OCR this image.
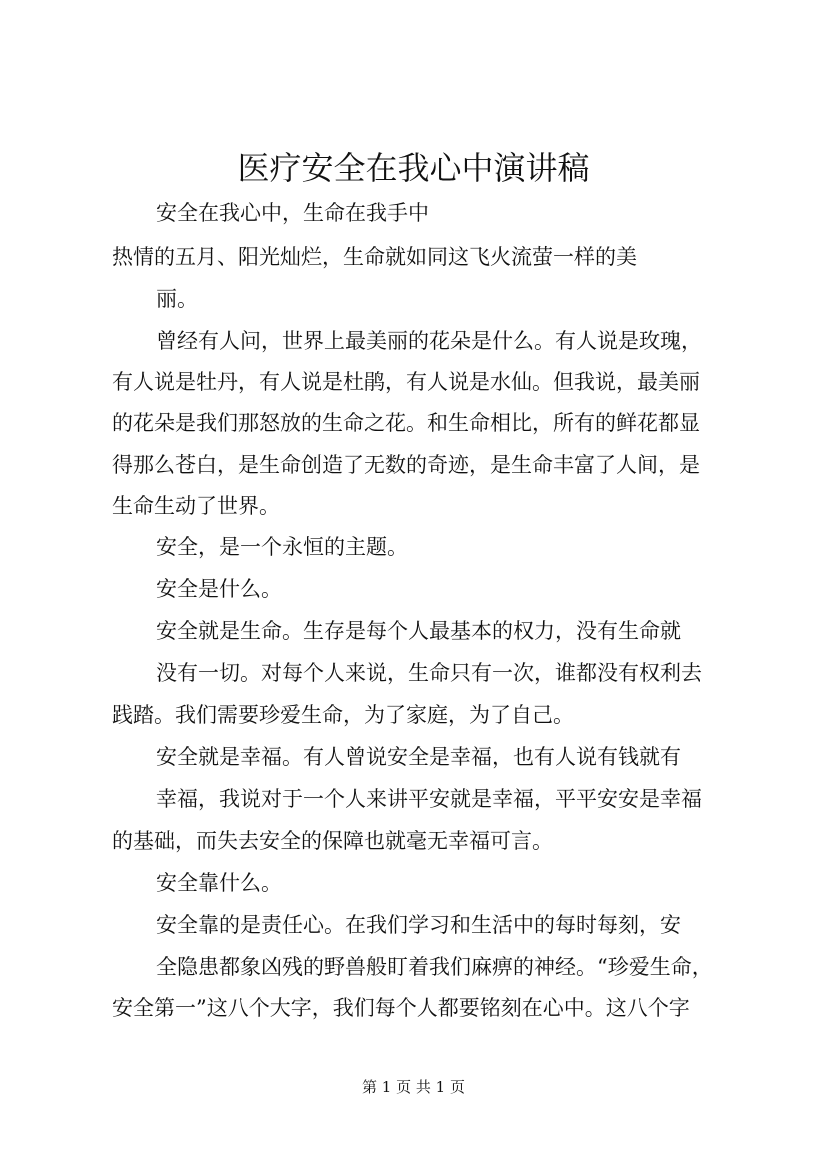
医疗安全在我心中演讲稿

安全在我心中，生命在我手中

热情的五月、阳光灿烂，生命就如同这飞火流萤一样的美

丽。

曾经有人问，世界上最美丽的花朵是什么。有人说是玫瑰，

有人说是牡丹，有人说是杜鹃，有人说是水仙。但我说，最美丽

的花朵是我们那怒放的生命之花。和生命相比，所有的鲜花都显

得那么苍白，是生命创造了无数的奇迹，是生命丰富了人间，是

生命生动了世界。

安全，是一个永恒的主题。

安全是什么。

安全就是生命。生存是每个人最基本的权力，没有生命就

没有一切。对每个人来说，生命只有一次，谁都没有权利去

践踏。我们需要珍爱生命，为了家庭，为了自己。

安全就是幸福。有人曾说安全是幸福，也有人说有钱就有

幸福，我说对于一个人来讲平安就是幸福，平平安安是幸福

的基础，而失去安全的保障也就毫无幸福可言。

安全靠什么。

安全靠的是责任心。在我们学习和生活中的每时每刻，安

全隐患都象凶残的野兽般盯着我们麻痹的神经。“珍爱生命，

安全第一”这八个大字，我们每个人都要铭刻在心中。这八个字

第 1 页 共 1 页
